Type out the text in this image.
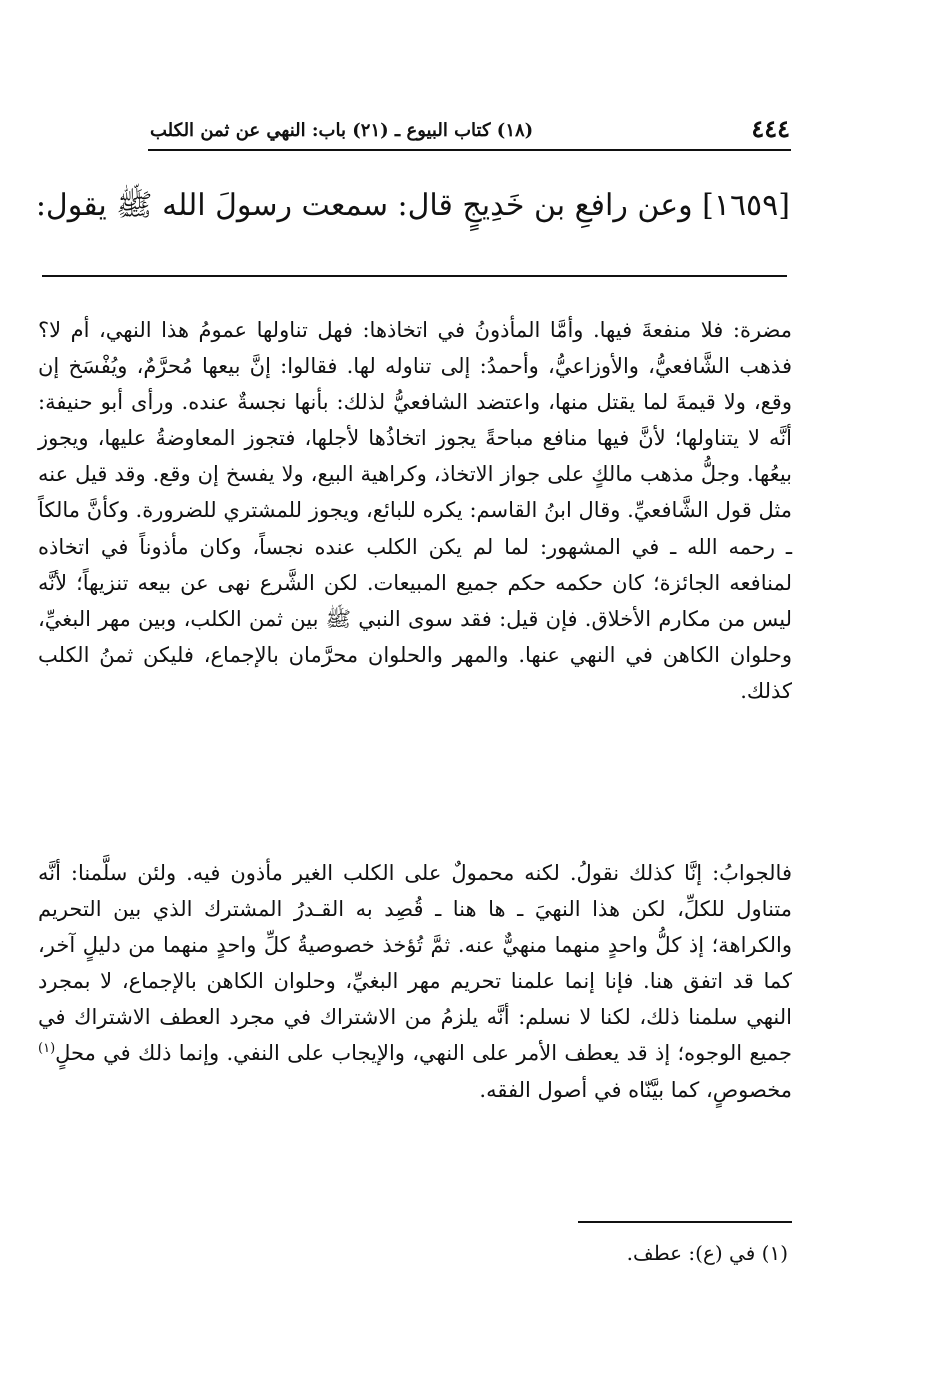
٤٤٤
(١٨) كتاب البيوع ـ (٢١) باب: النهي عن ثمن الكلب
[١٦٥٩] وعن رافعِ بن خَدِيجٍ قال: سمعت رسولَ الله ﷺ يقول:
مضرة: فلا منفعةَ فيها. وأمَّا المأذونُ في اتخاذها: فهل تناولها عمومُ هذا النهي، أم لا؟ فذهب الشَّافعيُّ، والأوزاعيُّ، وأحمدُ: إلى تناوله لها. فقالوا: إنَّ بيعها مُحرَّمٌ، ويُفْسَخ إن وقع، ولا قيمةَ لما يقتل منها، واعتضد الشافعيُّ لذلك: بأنها نجسةٌ عنده. ورأى أبو حنيفة: أنَّه لا يتناولها؛ لأنَّ فيها منافع مباحةً يجوز اتخاذُها لأجلها، فتجوز المعاوضةُ عليها، ويجوز بيعُها. وجلُّ مذهب مالكٍ على جواز الاتخاذ، وكراهية البيع، ولا يفسخ إن وقع. وقد قيل عنه مثل قول الشَّافعيِّ. وقال ابنُ القاسم: يكره للبائع، ويجوز للمشتري للضرورة. وكأنَّ مالكاً ـ رحمه الله ـ في المشهور: لما لم يكن الكلب عنده نجساً، وكان مأذوناً في اتخاذه لمنافعه الجائزة؛ كان حكمه حكم جميع المبيعات. لكن الشَّرع نهى عن بيعه تنزيهاً؛ لأنَّه ليس من مكارم الأخلاق. فإن قيل: فقد سوى النبي ﷺ بين ثمن الكلب، وبين مهر البغيِّ، وحلوان الكاهن في النهي عنها. والمهر والحلوان محرَّمان بالإجماع، فليكن ثمنُ الكلب كذلك.
فالجوابُ: إنَّا كذلك نقولُ. لكنه محمولٌ على الكلب الغير مأذون فيه. ولئن سلَّمنا: أنَّه متناول للكلِّ، لكن هذا النهيَ ـ ها هنا ـ قُصِد به القـدرُ المشترك الذي بين التحريم والكراهة؛ إذ كلُّ واحدٍ منهما منهيٌّ عنه. ثمَّ تُؤخذ خصوصيةُ كلِّ واحدٍ منهما من دليلٍ آخر، كما قد اتفق هنا. فإنا إنما علمنا تحريم مهر البغيِّ، وحلوان الكاهن بالإجماع، لا بمجرد النهي سلمنا ذلك، لكنا لا نسلم: أنَّه يلزمُ من الاشتراك في مجرد العطف الاشتراك في جميع الوجوه؛ إذ قد يعطف الأمر على النهي، والإيجاب على النفي. وإنما ذلك في محلٍ$^{(١)}$ مخصوصٍ، كما بيَّنّاه في أصول الفقه.
(١) في (ع): عطف.
